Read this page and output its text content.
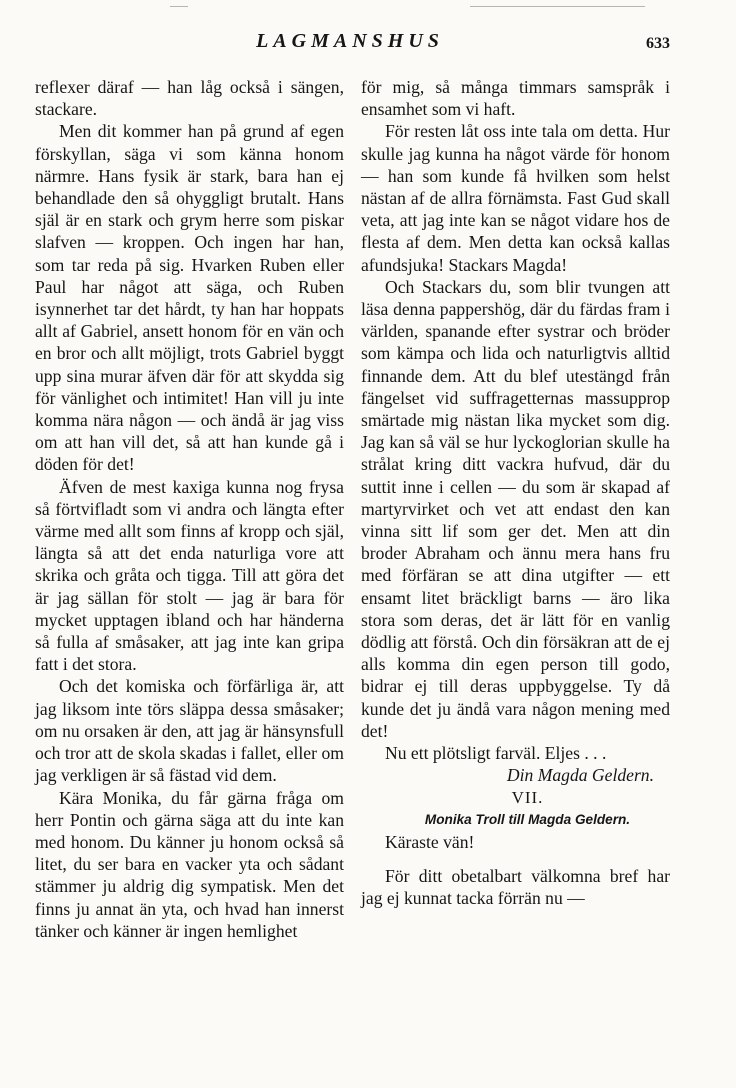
LAGMANSHUS	633

reflexer däraf — han låg också i sängen, stackare.

Men dit kommer han på grund af egen förskyllan, säga vi som känna honom närmre. Hans fysik är stark, bara han ej behandlade den så ohyggligt brutalt. Hans själ är en stark och grym herre som piskar slafven — kroppen. Och ingen har han, som tar reda på sig. Hvarken Ruben eller Paul har något att säga, och Ruben isynnerhet tar det hårdt, ty han har hoppats allt af Gabriel, ansett honom för en vän och en bror och allt möjligt, trots Gabriel byggt upp sina murar äfven där för att skydda sig för vänlighet och intimitet! Han vill ju inte komma nära någon — och ändå är jag viss om att han vill det, så att han kunde gå i döden för det!

Äfven de mest kaxiga kunna nog frysa så förtvifladt som vi andra och längta efter värme med allt som finns af kropp och själ, längta så att det enda naturliga vore att skrika och gråta och tigga. Till att göra det är jag sällan för stolt — jag är bara för mycket upptagen ibland och har händerna så fulla af småsaker, att jag inte kan gripa fatt i det stora.

Och det komiska och förfärliga är, att jag liksom inte törs släppa dessa småsaker; om nu orsaken är den, att jag är hänsynsfull och tror att de skola skadas i fallet, eller om jag verkligen är så fästad vid dem.

Kära Monika, du får gärna fråga om herr Pontin och gärna säga att du inte kan med honom. Du känner ju honom också så litet, du ser bara en vacker yta och sådant stämmer ju aldrig dig sympatisk. Men det finns ju annat än yta, och hvad han innerst tänker och känner är ingen hemlighet

för mig, så många timmars samspråk i ensamhet som vi haft.

För resten låt oss inte tala om detta. Hur skulle jag kunna ha något värde för honom — han som kunde få hvilken som helst nästan af de allra förnämsta. Fast Gud skall veta, att jag inte kan se något vidare hos de flesta af dem. Men detta kan också kallas afundsjuka! Stackars Magda!

Och Stackars du, som blir tvungen att läsa denna pappershög, där du färdas fram i världen, spanande efter systrar och bröder som kämpa och lida och naturligtvis alltid finnande dem. Att du blef utestängd från fängelset vid suffragetternas massupprор smärtade mig nästan lika mycket som dig. Jag kan så väl se hur lyckoglorian skulle ha strålat kring ditt vackra hufvud, där du suttit inne i cellen — du som är skapad af martyrvirket och vet att endast den kan vinna sitt lif som ger det. Men att din broder Abraham och ännu mera hans fru med förfäran se att dina utgifter — ett ensamt litet bräckligt barns — äro lika stora som deras, det är lätt för en vanlig dödlig att förstå. Och din försäkran att de ej alls komma din egen person till godo, bidrar ej till deras uppbyggelse. Ty då kunde det ju ändå vara någon mening med det!

Nu ett plötsligt farväl. Eljes . . .

Din Magda Geldern.

VII.

Monika Troll till Magda Geldern.

Käraste vän!

För ditt obetalbart välkomna bref har jag ej kunnat tacka förrän nu —
